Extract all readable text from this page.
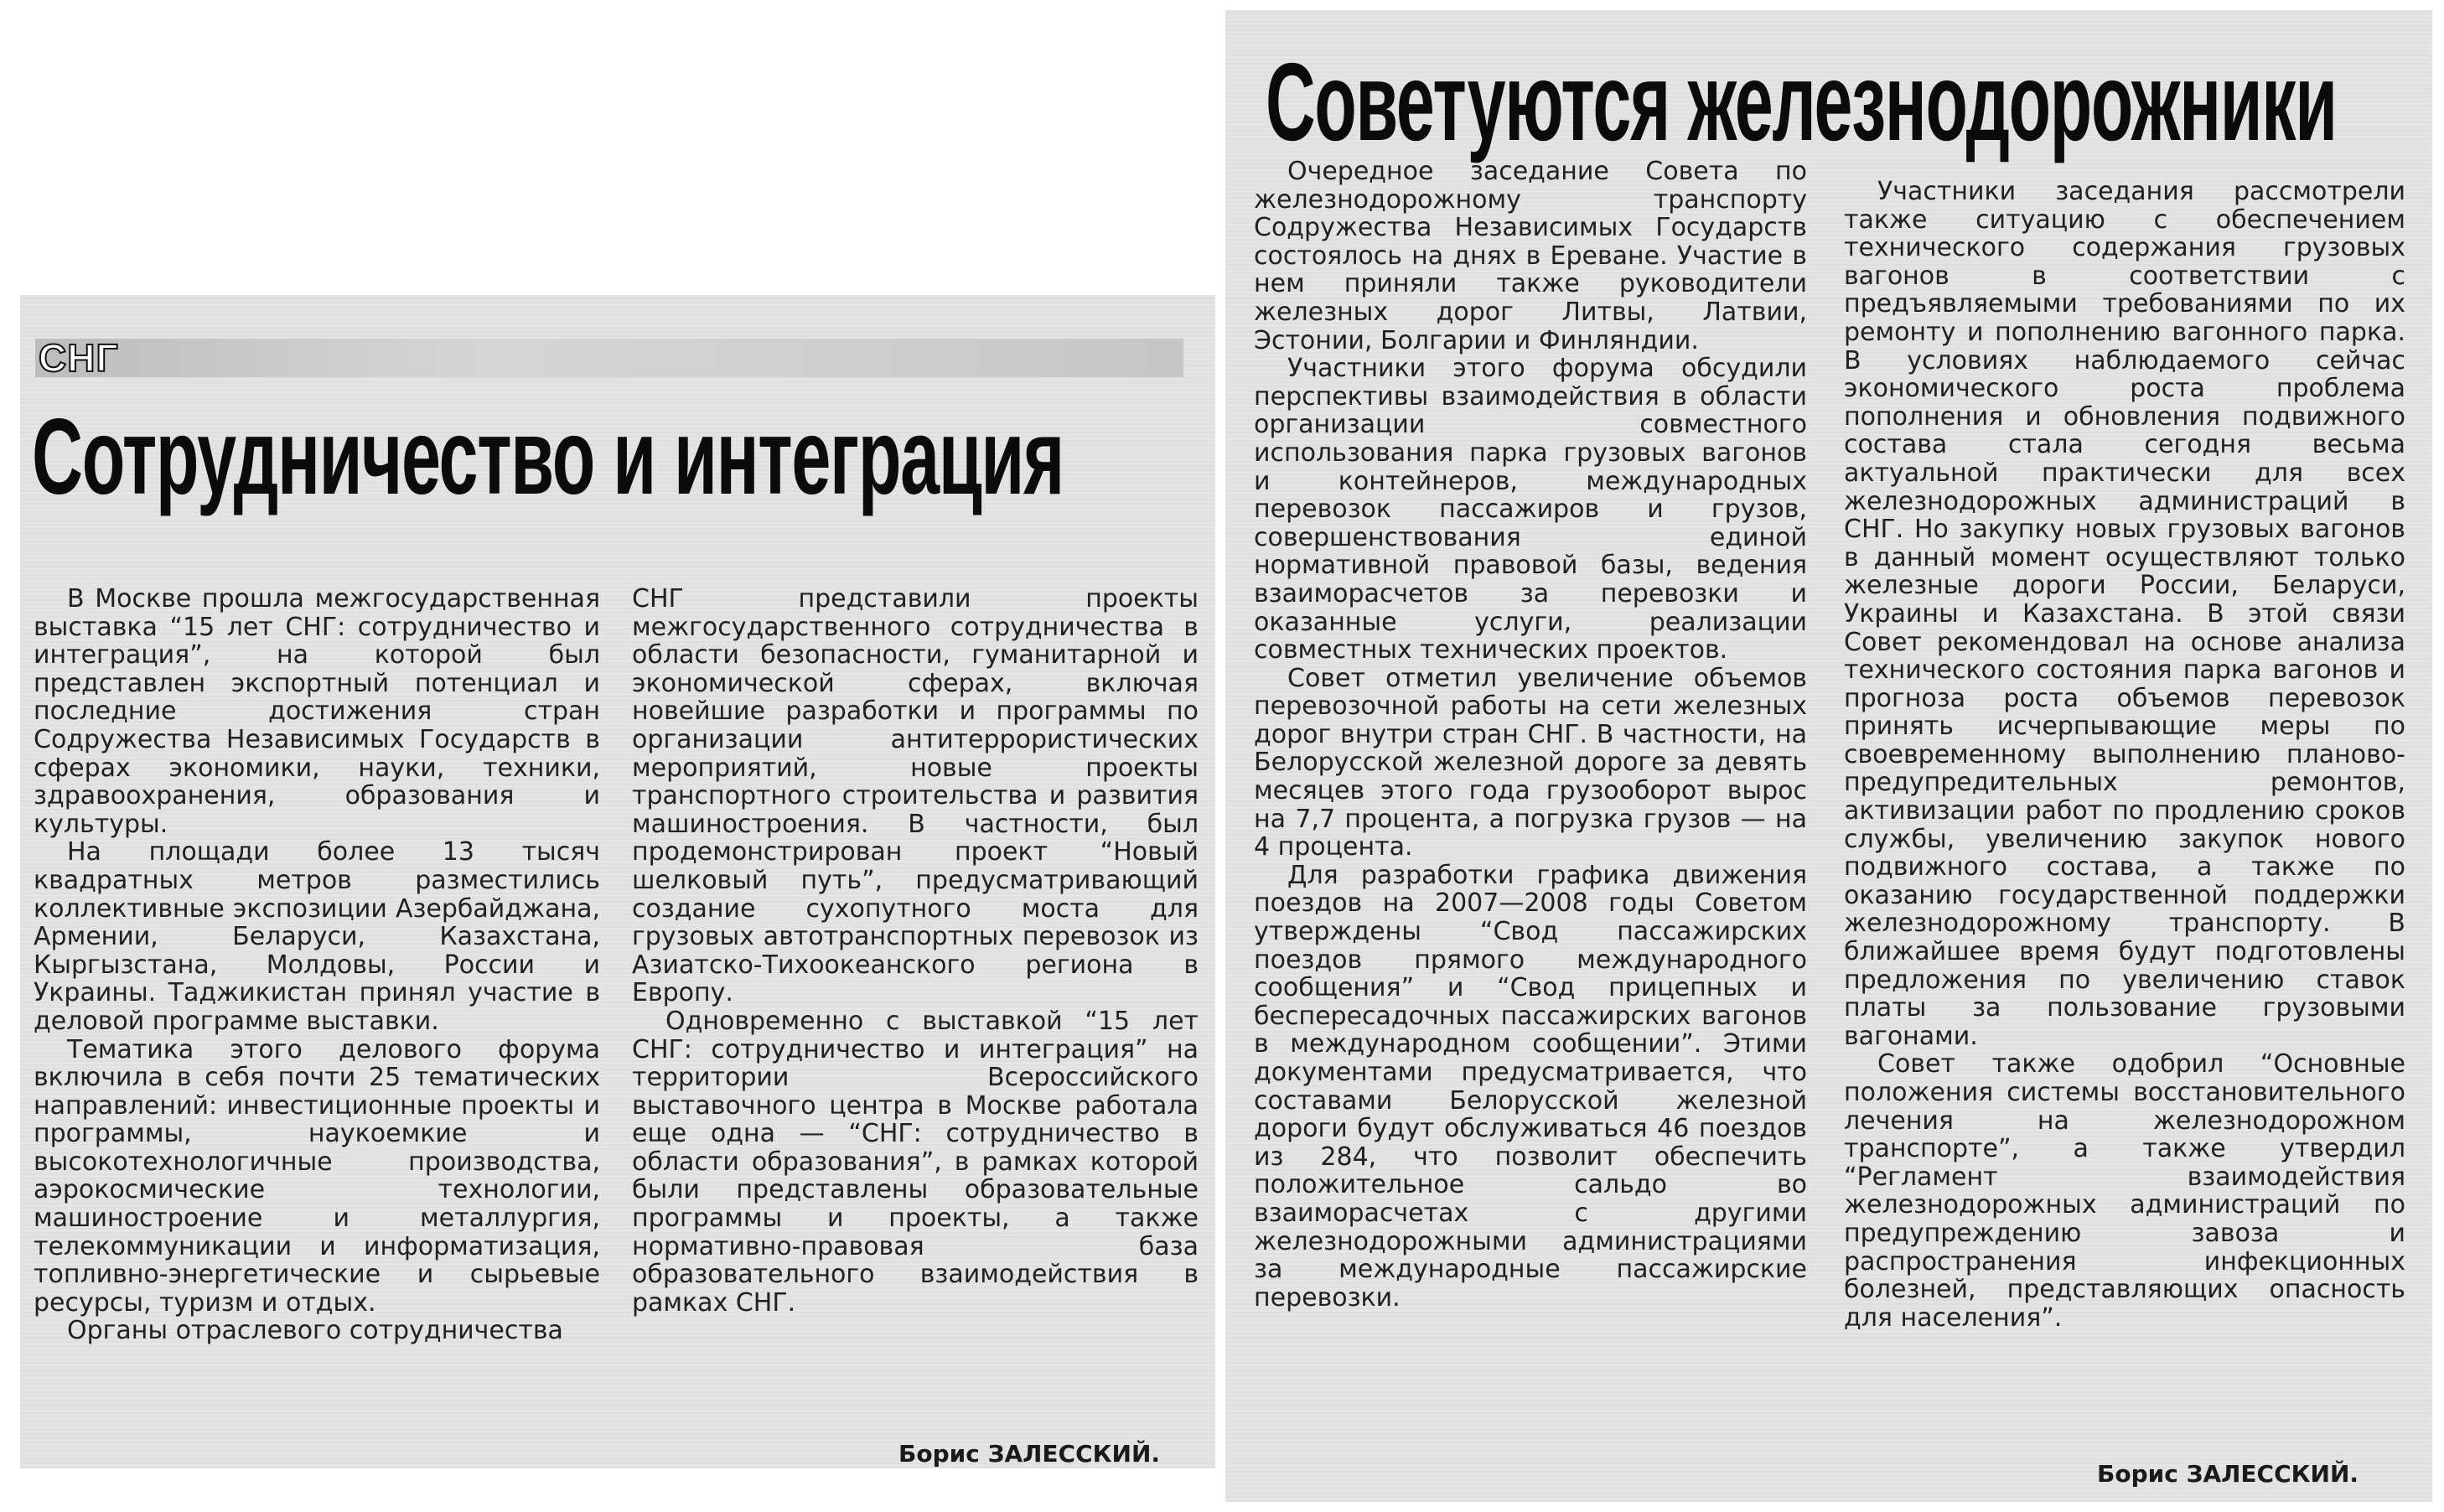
СНГ
Сотрудничество и интеграция

В Москве прошла межгосударственная выставка “15 лет СНГ: сотрудничество и интеграция”, на которой был представлен экспортный потенциал и последние достижения стран Содружества Независимых Государств в сферах экономики, науки, техники, здравоохранения, образования и культуры.

На площади более 13 тысяч квадратных метров разместились коллективные экспозиции Азербайджана, Армении, Беларуси, Казахстана, Кыргызстана, Молдовы, России и Украины. Таджикистан принял участие в деловой программе выставки.

Тематика этого делового форума включила в себя почти 25 тематических направлений: инвестиционные проекты и программы, наукоемкие и высокотехнологичные производства, аэрокосмические технологии, машиностроение и металлургия, телекоммуникации и информатизация, топливно-энергетические и сырьевые ресурсы, туризм и отдых.

Органы отраслевого сотрудничества

СНГ представили проекты межгосударственного сотрудничества в области безопасности, гуманитарной и экономической сферах, включая новейшие разработки и программы по организации антитеррористических мероприятий, новые проекты транспортного строительства и развития машиностроения. В частности, был продемонстрирован проект “Новый шелковый путь”, предусматривающий создание сухопутного моста для грузовых автотранспортных перевозок из Азиатско-Тихоокеанского региона в Европу.

Одновременно с выставкой “15 лет СНГ: сотрудничество и интеграция” на территории Всероссийского выставочного центра в Москве работала еще одна — “СНГ: сотрудничество в области образования”, в рамках которой были представлены образовательные программы и проекты, а также нормативно-правовая база образовательного взаимодействия в рамках СНГ.

Борис ЗАЛЕССКИЙ.
Советуются железнодорожники

Очередное заседание Совета по железнодорожному транспорту Содружества Независимых Государств состоялось на днях в Ереване. Участие в нем приняли также руководители железных дорог Литвы, Латвии, Эстонии, Болгарии и Финляндии.

Участники этого форума обсудили перспективы взаимодействия в области организации совместного использования парка грузовых вагонов и контейнеров, международных перевозок пассажиров и грузов, совершенствования единой нормативной правовой базы, ведения взаиморасчетов за перевозки и оказанные услуги, реализации совместных технических проектов.

Совет отметил увеличение объемов перевозочной работы на сети железных дорог внутри стран СНГ. В частности, на Белорусской железной дороге за девять месяцев этого года грузооборот вырос на 7,7 процента, а погрузка грузов — на 4 процента.

Для разработки графика движения поездов на 2007—2008 годы Советом утверждены “Свод пассажирских поездов прямого международного сообщения” и “Свод прицепных и беспересадочных пассажирских вагонов в международном сообщении”. Этими документами предусматривается, что составами Белорусской железной дороги будут обслуживаться 46 поездов из 284, что позволит обеспечить положительное сальдо во взаиморасчетах с другими железнодорожными администрациями за международные пассажирские перевозки.

Участники заседания рассмотрели также ситуацию с обеспечением технического содержания грузовых вагонов в соответствии с предъявляемыми требованиями по их ремонту и пополнению вагонного парка. В условиях наблюдаемого сейчас экономического роста проблема пополнения и обновления подвижного состава стала сегодня весьма актуальной практически для всех железнодорожных администраций в СНГ. Но закупку новых грузовых вагонов в данный момент осуществляют только железные дороги России, Беларуси, Украины и Казахстана. В этой связи Совет рекомендовал на основе анализа технического состояния парка вагонов и прогноза роста объемов перевозок принять исчерпывающие меры по своевременному выполнению планово-предупредительных ремонтов, активизации работ по продлению сроков службы, увеличению закупок нового подвижного состава, а также по оказанию государственной поддержки железнодорожному транспорту. В ближайшее время будут подготовлены предложения по увеличению ставок платы за пользование грузовыми вагонами.

Совет также одобрил “Основные положения системы восстановительного лечения на железнодорожном транспорте”, а также утвердил “Регламент взаимодействия железнодорожных администраций по предупреждению завоза и распространения инфекционных болезней, представляющих опасность для населения”.

Борис ЗАЛЕССКИЙ.
